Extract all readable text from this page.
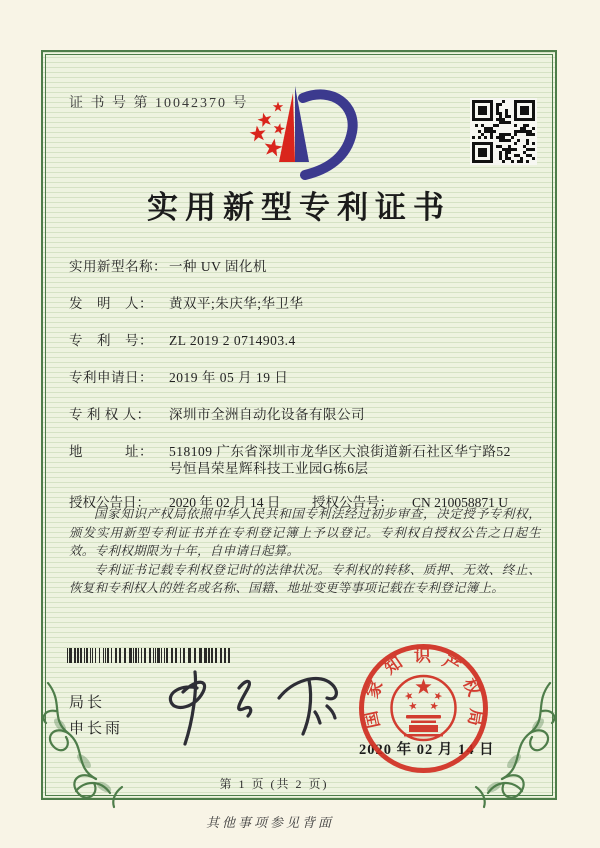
证 书 号 第 10042370 号
实用新型专利证书
实用新型名称： 一种 UV 固化机
发　明　人：	黄双平;朱庆华;华卫华
专　利　号：	ZL 2019 2 0714903.4
专利申请日：	2019 年 05 月 19 日
专 利 权 人：	深圳市全洲自动化设备有限公司
地　　　址：	518109 广东省深圳市龙华区大浪街道新石社区华宁路52号恒昌荣星辉科技工业园G栋6层
授权公告日：	2020 年 02 月 14 日	授权公告号：	CN 210058871 U

国家知识产权局依照中华人民共和国专利法经过初步审查，决定授予专利权，颁发实用新型专利证书并在专利登记簿上予以登记。专利权自授权公告之日起生效。专利权期限为十年，自申请日起算。

专利证书记载专利权登记时的法律状况。专利权的转移、质押、无效、终止、恢复和专利权人的姓名或名称、国籍、地址变更等事项记载在专利登记簿上。

局长
申长雨	国家知识产权局
2020 年 02 月 14 日
第 1 页 (共 2 页)
其他事项参见背面
